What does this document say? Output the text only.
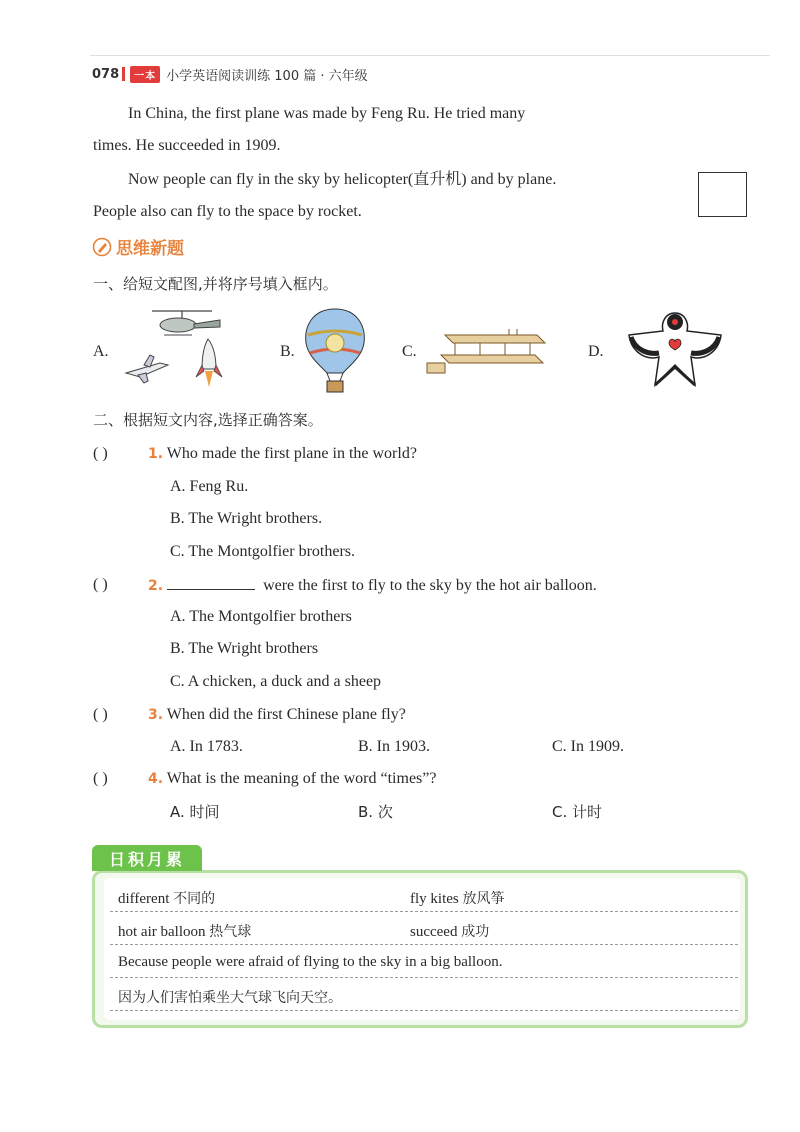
078	一本 小学英语阅读训练 100 篇 · 六年级
In China, the first plane was made by Feng Ru. He tried many
times. He succeeded in 1909.
Now people can fly in the sky by helicopter(直升机) and by plane.
People also can fly to the space by rocket.
思维新题
一、给短文配图,并将序号填入框内。
A.	B.	C.	D.
二、根据短文内容,选择正确答案。
( )	1. Who made the first plane in the world?
A. Feng Ru.
B. The Wright brothers.
C. The Montgolfier brothers.
( )	2.	were the first to fly to the sky by the hot air balloon.
A. The Montgolfier brothers
B. The Wright brothers
C. A chicken, a duck and a sheep
( )	3. When did the first Chinese plane fly?
A. In 1783.	B. In 1903.	C. In 1909.
( )	4. What is the meaning of the word “times”?
A. 时间	B. 次	C. 计时
日积月累
different 不同的	fly kites 放风筝
hot air balloon 热气球	succeed 成功
Because people were afraid of flying to the sky in a big balloon.
因为人们害怕乘坐大气球飞向天空。
